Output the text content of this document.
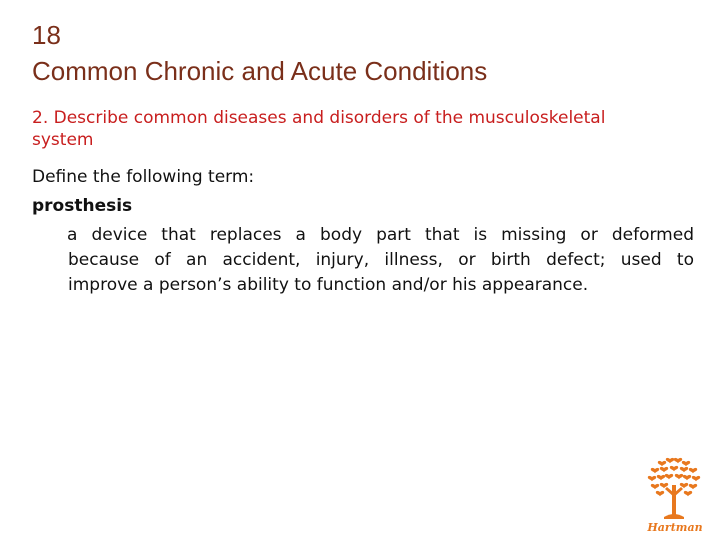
18
Common Chronic and Acute Conditions
2. Describe common diseases and disorders of the musculoskeletal system
Define the following term:
prosthesis
a device that replaces a body part that is missing or deformed
because of an accident, injury, illness, or birth defect; used to
improve a person’s ability to function and/or his appearance.
Hartman
